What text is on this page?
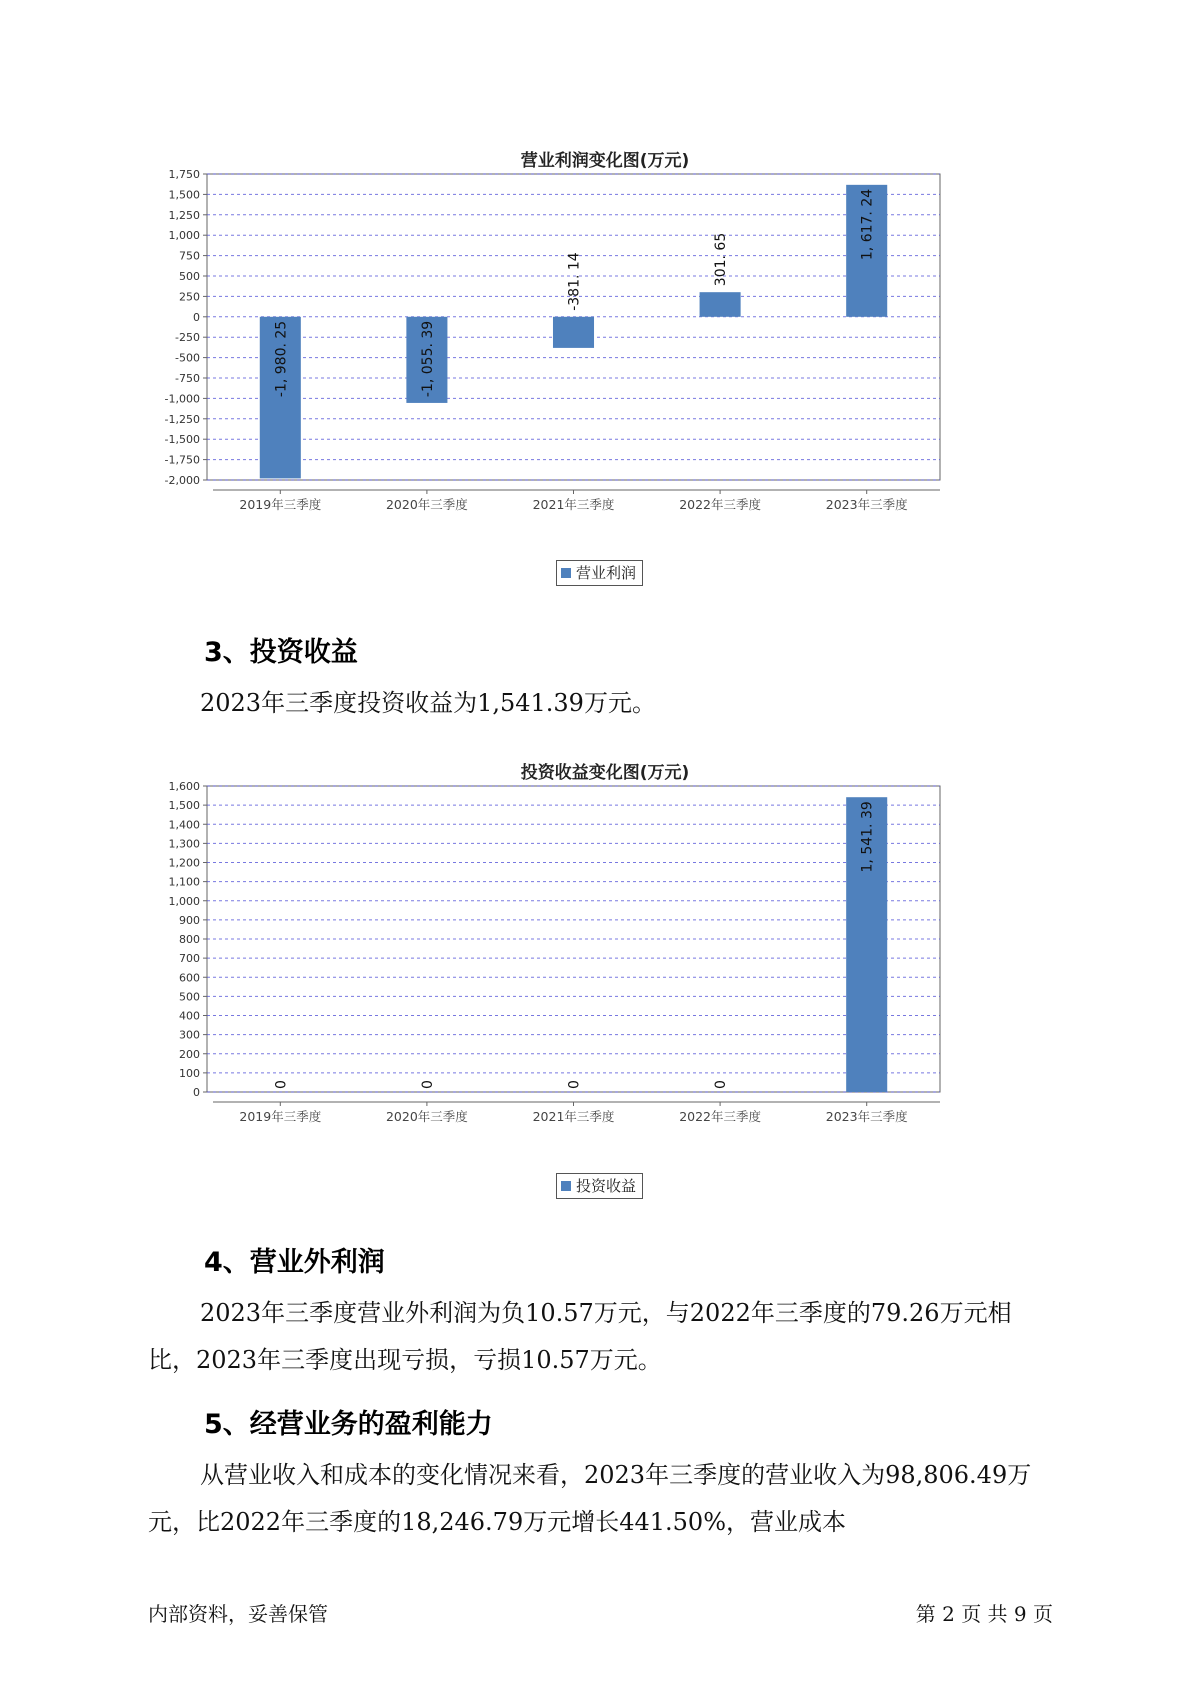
营业利润变化图(万元)
1,750
1,500
1,250
1,000
750
500
250
0
-250
-500
-750
-1,000
-1,250
-1,500
-1,750
-2,000
2019年三季度
-1, 980. 25
2020年三季度
-1, 055. 39
2021年三季度
-381. 14
2022年三季度
301. 65
2023年三季度
1, 617. 24
营业利润
3、投资收益
2023年三季度投资收益为1,541.39万元。
投资收益变化图(万元)
1,600
1,500
1,400
1,300
1,200
1,100
1,000
900
800
700
600
500
400
300
200
100
0
2019年三季度
0
2020年三季度
0
2021年三季度
0
2022年三季度
0
2023年三季度
1, 541. 39
投资收益
4、营业外利润
2023年三季度营业外利润为负10.57万元，与2022年三季度的79.26万元相比，2023年三季度出现亏损，亏损10.57万元。
5、经营业务的盈利能力
从营业收入和成本的变化情况来看，2023年三季度的营业收入为98,806.49万元，比2022年三季度的18,246.79万元增长441.50%，营业成本
内部资料，妥善保管	第 2 页 共 9 页
